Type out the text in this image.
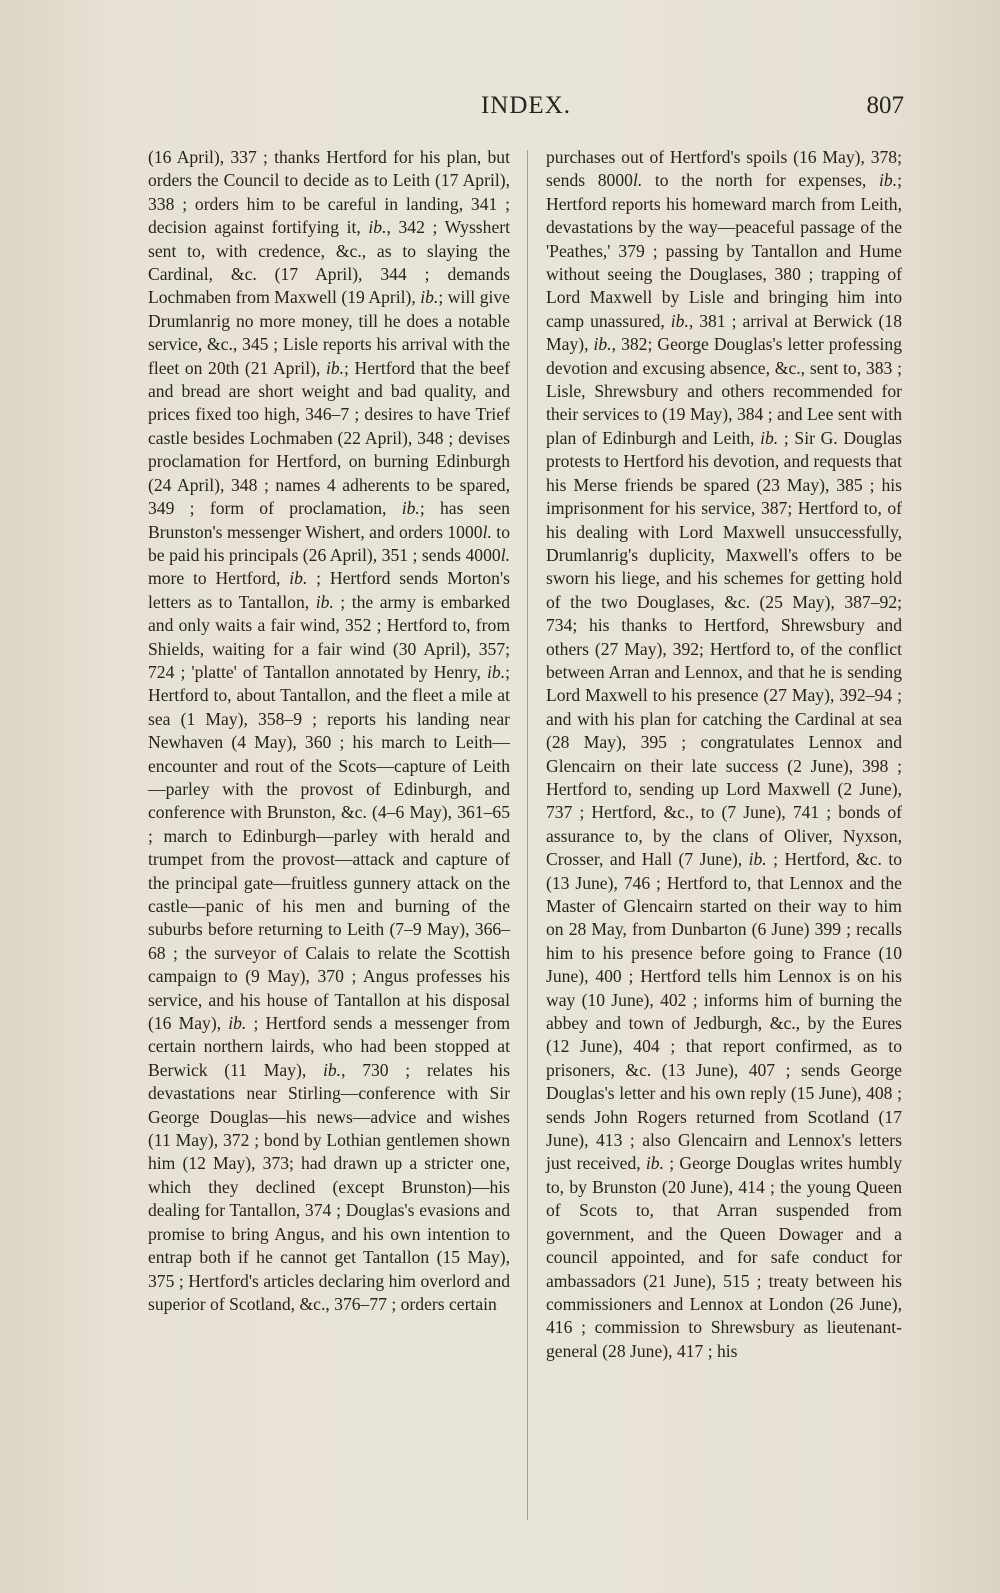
INDEX.	807
(16 April), 337 ; thanks Hertford for his plan, but orders the Council to decide as to Leith (17 April), 338 ; orders him to be careful in landing, 341 ; decision against fortifying it, ib., 342 ; Wysshert sent to, with credence, &c., as to slaying the Cardinal, &c. (17 April), 344 ; demands Lochmaben from Maxwell (19 April), ib.; will give Drumlanrig no more money, till he does a notable service, &c., 345 ; Lisle reports his arrival with the fleet on 20th (21 April), ib.; Hertford that the beef and bread are short weight and bad quality, and prices fixed too high, 346–7 ; desires to have Trief castle besides Lochmaben (22 April), 348 ; devises proclamation for Hertford, on burning Edinburgh (24 April), 348 ; names 4 adherents to be spared, 349 ; form of proclamation, ib.; has seen Brunston's messenger Wishert, and orders 1000l. to be paid his principals (26 April), 351 ; sends 4000l. more to Hertford, ib. ; Hertford sends Morton's letters as to Tantallon, ib. ; the army is embarked and only waits a fair wind, 352 ; Hertford to, from Shields, waiting for a fair wind (30 April), 357; 724 ; 'platte' of Tantallon annotated by Henry, ib.; Hertford to, about Tantallon, and the fleet a mile at sea (1 May), 358–9 ; reports his landing near Newhaven (4 May), 360 ; his march to Leith—encounter and rout of the Scots—capture of Leith—parley with the provost of Edinburgh, and conference with Brunston, &c. (4–6 May), 361–65 ; march to Edinburgh—parley with herald and trumpet from the provost—attack and capture of the principal gate—fruitless gunnery attack on the castle—panic of his men and burning of the suburbs before returning to Leith (7–9 May), 366–68 ; the surveyor of Calais to relate the Scottish campaign to (9 May), 370 ; Angus professes his service, and his house of Tantallon at his disposal (16 May), ib. ; Hertford sends a messenger from certain northern lairds, who had been stopped at Berwick (11 May), ib., 730 ; relates his devastations near Stirling—conference with Sir George Douglas—his news—advice and wishes (11 May), 372 ; bond by Lothian gentlemen shown him (12 May), 373; had drawn up a stricter one, which they declined (except Brunston)—his dealing for Tantallon, 374 ; Douglas's evasions and promise to bring Angus, and his own intention to entrap both if he cannot get Tantallon (15 May), 375 ; Hertford's articles declaring him overlord and superior of Scotland, &c., 376–77 ; orders certain
purchases out of Hertford's spoils (16 May), 378; sends 8000l. to the north for expenses, ib.; Hertford reports his homeward march from Leith, devastations by the way—peaceful passage of the 'Peathes,' 379 ; passing by Tantallon and Hume without seeing the Douglases, 380 ; trapping of Lord Maxwell by Lisle and bringing him into camp unassured, ib., 381 ; arrival at Berwick (18 May), ib., 382; George Douglas's letter professing devotion and excusing absence, &c., sent to, 383 ; Lisle, Shrewsbury and others recommended for their services to (19 May), 384 ; and Lee sent with plan of Edinburgh and Leith, ib. ; Sir G. Douglas protests to Hertford his devotion, and requests that his Merse friends be spared (23 May), 385 ; his imprisonment for his service, 387; Hertford to, of his dealing with Lord Maxwell unsuccessfully, Drumlanrig's duplicity, Maxwell's offers to be sworn his liege, and his schemes for getting hold of the two Douglases, &c. (25 May), 387–92; 734; his thanks to Hertford, Shrewsbury and others (27 May), 392; Hertford to, of the conflict between Arran and Lennox, and that he is sending Lord Maxwell to his presence (27 May), 392–94 ; and with his plan for catching the Cardinal at sea (28 May), 395 ; congratulates Lennox and Glencairn on their late success (2 June), 398 ; Hertford to, sending up Lord Maxwell (2 June), 737 ; Hertford, &c., to (7 June), 741 ; bonds of assurance to, by the clans of Oliver, Nyxson, Crosser, and Hall (7 June), ib. ; Hertford, &c. to (13 June), 746 ; Hertford to, that Lennox and the Master of Glencairn started on their way to him on 28 May, from Dunbarton (6 June) 399 ; recalls him to his presence before going to France (10 June), 400 ; Hertford tells him Lennox is on his way (10 June), 402 ; informs him of burning the abbey and town of Jedburgh, &c., by the Eures (12 June), 404 ; that report confirmed, as to prisoners, &c. (13 June), 407 ; sends George Douglas's letter and his own reply (15 June), 408 ; sends John Rogers returned from Scotland (17 June), 413 ; also Glencairn and Lennox's letters just received, ib. ; George Douglas writes humbly to, by Brunston (20 June), 414 ; the young Queen of Scots to, that Arran suspended from government, and the Queen Dowager and a council appointed, and for safe conduct for ambassadors (21 June), 515 ; treaty between his commissioners and Lennox at London (26 June), 416 ; commission to Shrewsbury as lieutenant-general (28 June), 417 ; his
